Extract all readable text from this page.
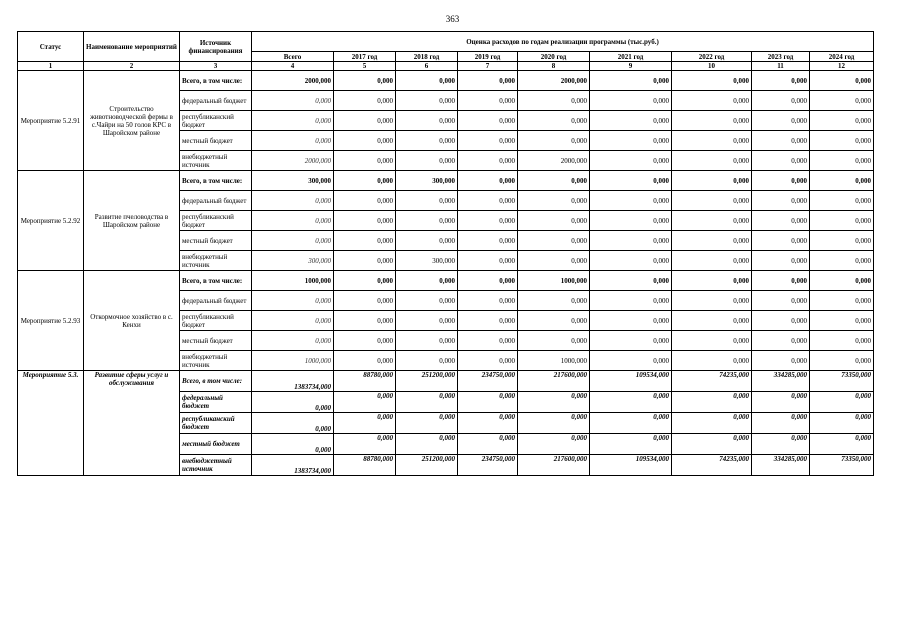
363
Статус	Наименование мероприятий	Источник финансирования	Оценка расходов по годам реализации программы (тыс.руб.)								
			Всего	2017 год	2018 год	2019 год	2020 год	2021 год	2022 год	2023 год	2024 год
1	2	3	4	5	6	7	8	9	10	11	12
Мероприятие 5.2.91	Строительство животноводческой фермы в с.Чайри на 50 голов КРС в Шаройском районе	Всего, в том числе:	2000,000	0,000	0,000	0,000	2000,000	0,000	0,000	0,000	0,000
		федеральный бюджет	0,000	0,000	0,000	0,000	0,000	0,000	0,000	0,000	0,000
		республиканский бюджет	0,000	0,000	0,000	0,000	0,000	0,000	0,000	0,000	0,000
		местный бюджет	0,000	0,000	0,000	0,000	0,000	0,000	0,000	0,000	0,000
		внебюджетный источник	2000,000	0,000	0,000	0,000	2000,000	0,000	0,000	0,000	0,000
Мероприятие 5.2.92	Развитие пчеловодства в Шаройском районе	Всего, в том числе:	300,000	0,000	300,000	0,000	0,000	0,000	0,000	0,000	0,000
		федеральный бюджет	0,000	0,000	0,000	0,000	0,000	0,000	0,000	0,000	0,000
		республиканский бюджет	0,000	0,000	0,000	0,000	0,000	0,000	0,000	0,000	0,000
		местный бюджет	0,000	0,000	0,000	0,000	0,000	0,000	0,000	0,000	0,000
		внебюджетный источник	300,000	0,000	300,000	0,000	0,000	0,000	0,000	0,000	0,000
Мероприятие 5.2.93	Откормочное хозяйство в с. Кенхи	Всего, в том числе:	1000,000	0,000	0,000	0,000	1000,000	0,000	0,000	0,000	0,000
		федеральный бюджет	0,000	0,000	0,000	0,000	0,000	0,000	0,000	0,000	0,000
		республиканский бюджет	0,000	0,000	0,000	0,000	0,000	0,000	0,000	0,000	0,000
		местный бюджет	0,000	0,000	0,000	0,000	0,000	0,000	0,000	0,000	0,000
		внебюджетный источник	1000,000	0,000	0,000	0,000	1000,000	0,000	0,000	0,000	0,000
Мероприятие 5.3.	Развитие сферы услуг и обслуживания	Всего, в том числе:	1383734,000	88780,000	251200,000	234750,000	217600,000	109534,000	74235,000	334285,000	73350,000
		федеральный бюджет	0,000	0,000	0,000	0,000	0,000	0,000	0,000	0,000	0,000
		республиканский бюджет	0,000	0,000	0,000	0,000	0,000	0,000	0,000	0,000	0,000
		местный бюджет	0,000	0,000	0,000	0,000	0,000	0,000	0,000	0,000	0,000
		внебюджетный источник	1383734,000	88780,000	251200,000	234750,000	217600,000	109534,000	74235,000	334285,000	73350,000
